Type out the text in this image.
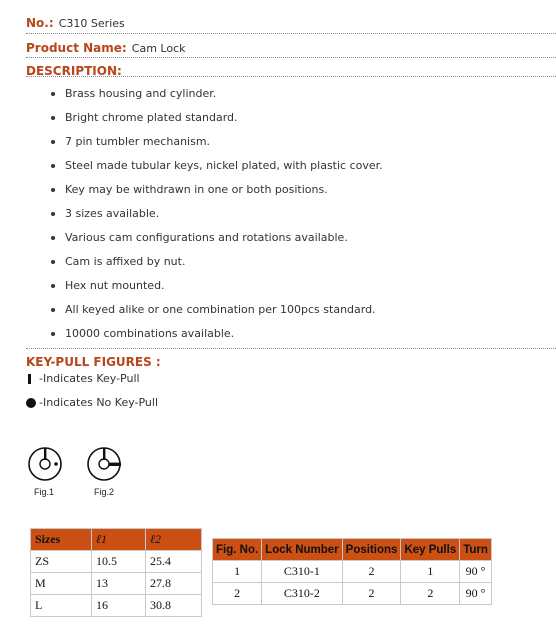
No.: C310 Series
Product Name: Cam Lock
DESCRIPTION:
Brass housing and cylinder.
Bright chrome plated standard.
7 pin tumbler mechanism.
Steel made tubular keys, nickel plated, with plastic cover.
Key may be withdrawn in one or both positions.
3 sizes available.
Various cam configurations and rotations available.
Cam is affixed by nut.
Hex nut mounted.
All keyed alike or one combination per 100pcs standard.
10000 combinations available.
KEY-PULL FIGURES :
-Indicates Key-Pull
-Indicates No Key-Pull
Fig.1	Fig.2
Sizes	ℓ1	ℓ2
ZS	10.5	25.4
M	13	27.8
L	16	30.8
Fig. No.	Lock Number	Positions	Key Pulls	Turn
1	C310-1	2	1	90 °
2	C310-2	2	2	90 °
